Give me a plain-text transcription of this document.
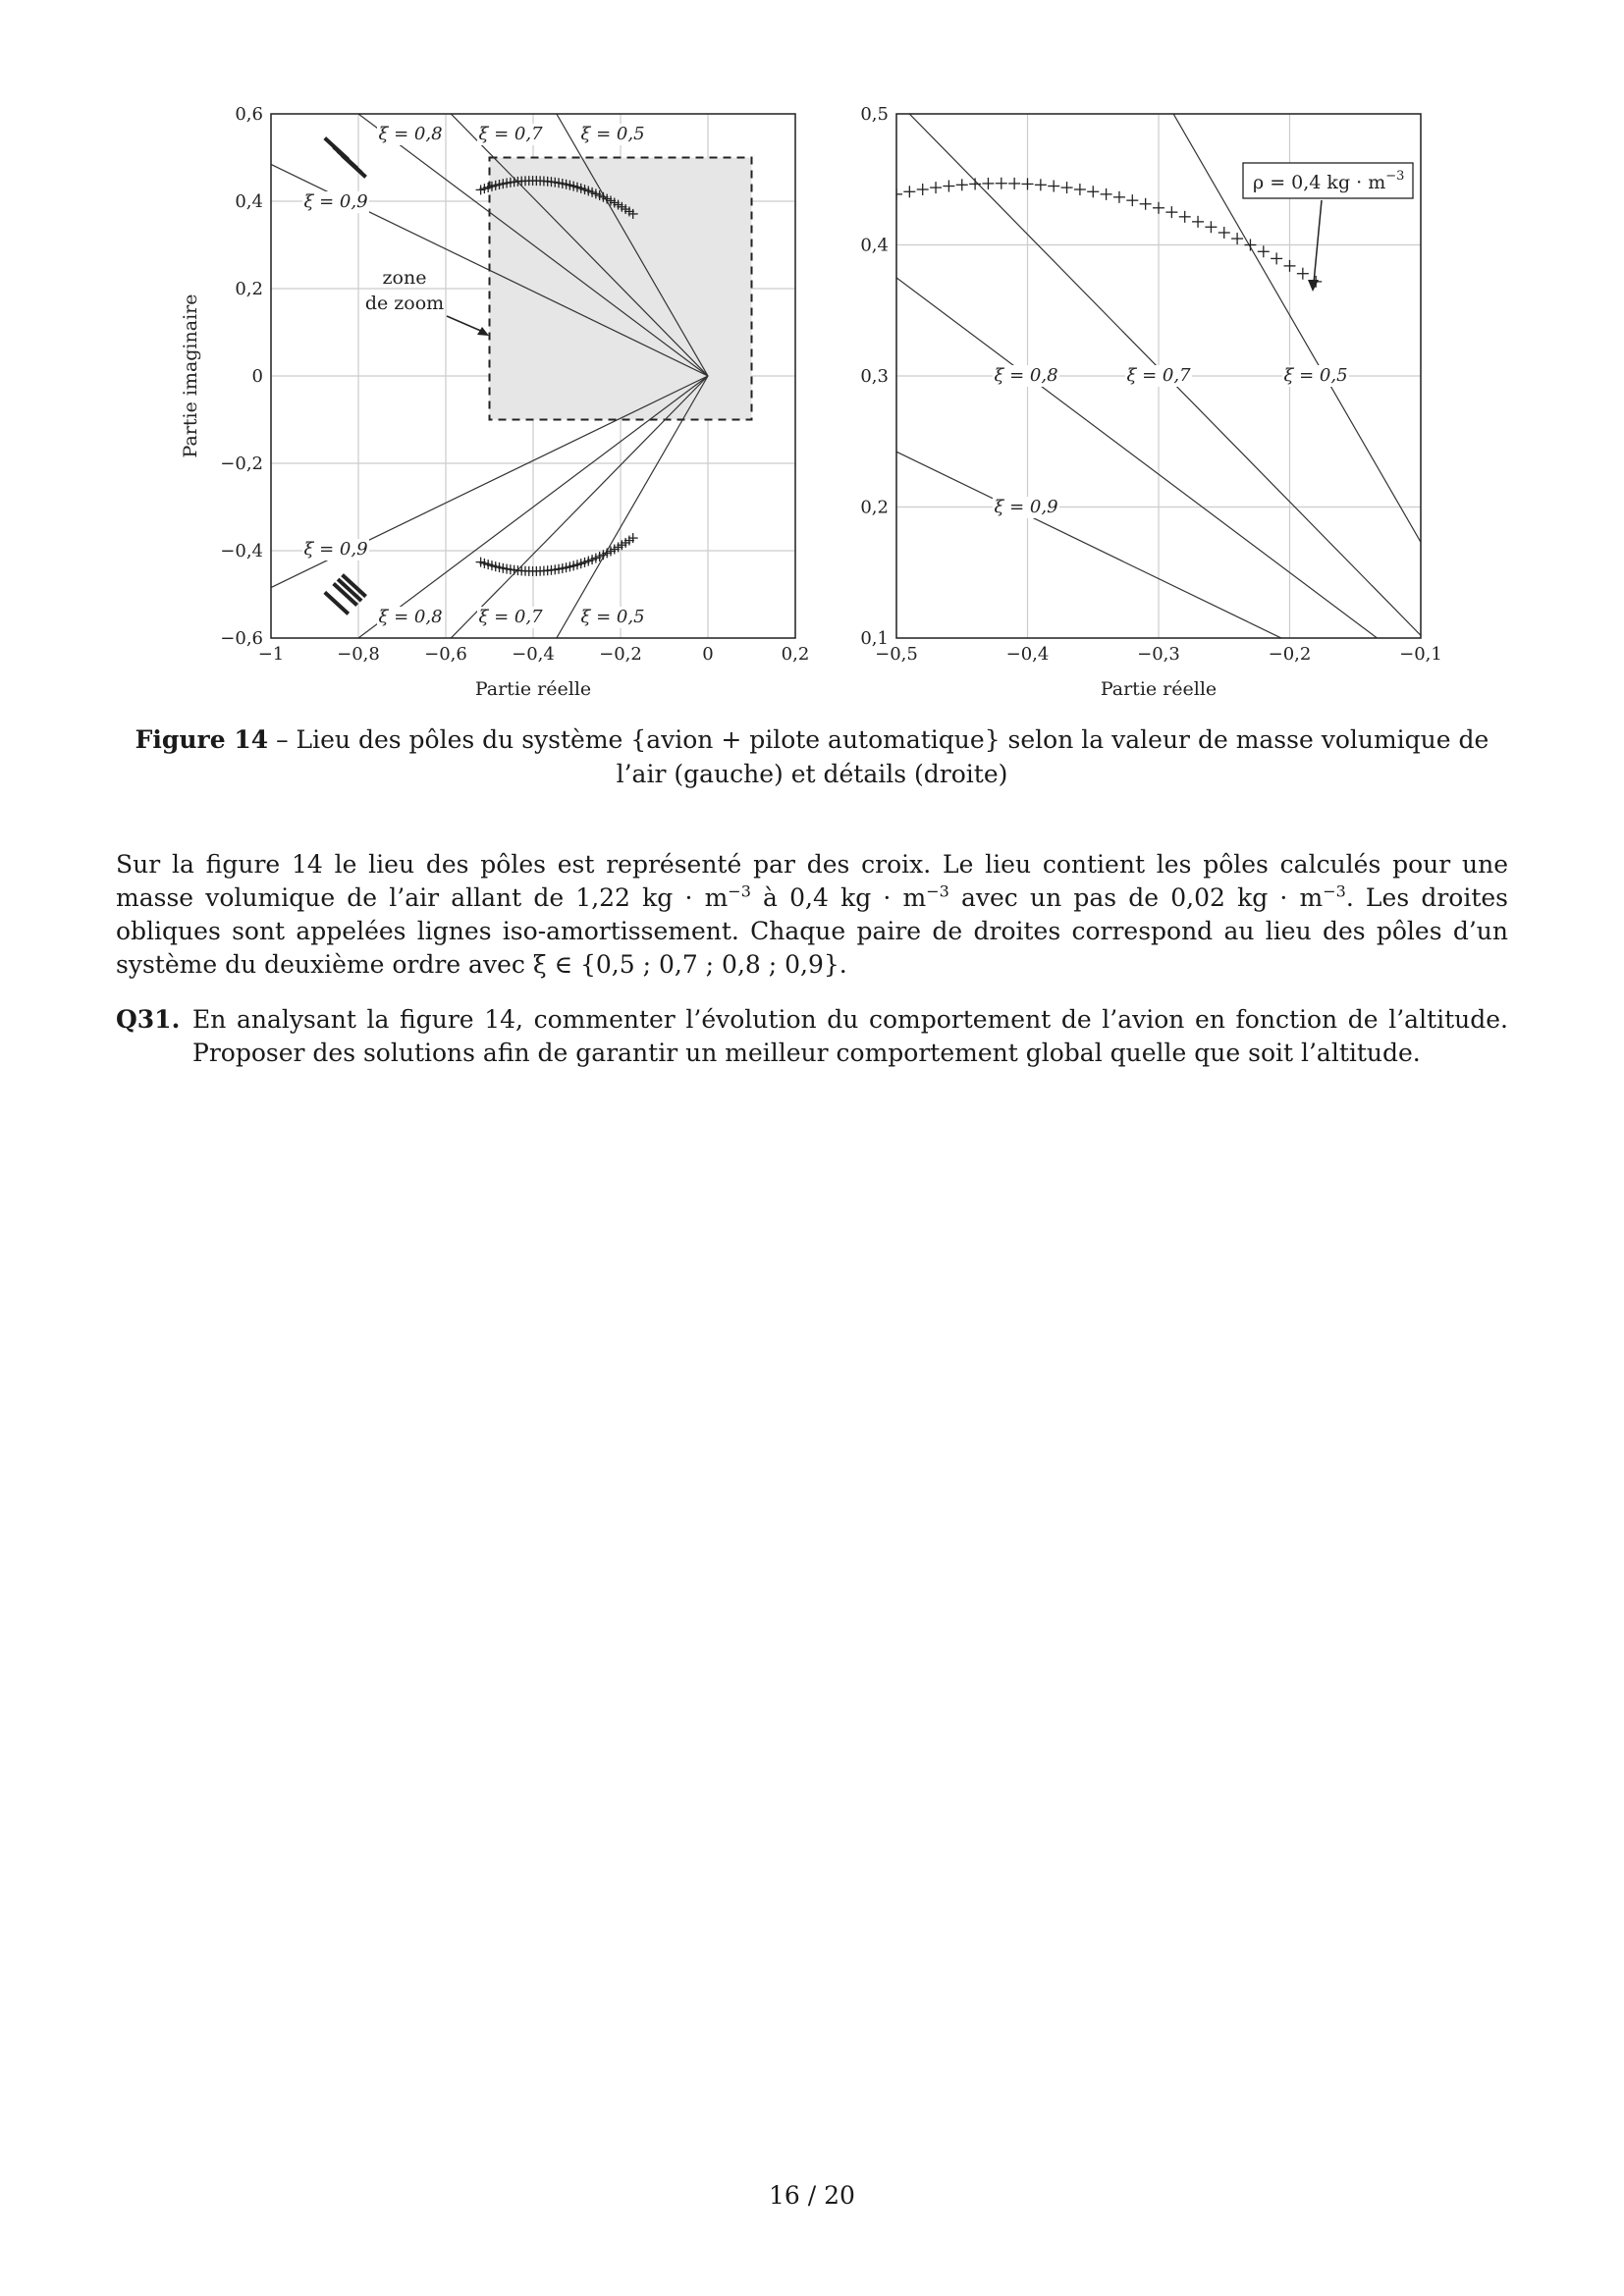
−1	−0,8	−0,6	−0,4	−0,2	0	0,2
0,6
0,4
0,2
0
−0,2
−0,4
−0,6
ξ = 0,8 ξ = 0,7 ξ = 0,5
ξ = 0,9
ξ = 0,9
ξ = 0,8 ξ = 0,7 ξ = 0,5
zone
de zoom
Partie réelle
Partie imaginaire
−0,5	−0,4	−0,3	−0,2	−0,1
0,5
0,4
0,3
0,2
0,1
ξ = 0,8	ξ = 0,7	ξ = 0,5
ξ = 0,9
ρ = 0,4 kg · $m^{-3}$
Partie réelle
Figure 14 – Lieu des pôles du système {avion + pilote automatique} selon la valeur de masse volumique de l’air (gauche) et détails (droite)
Sur la figure 14 le lieu des pôles est représenté par des croix. Le lieu contient les pôles calculés pour une masse volumique de l’air allant de 1,22 kg · $m^{-3}$ à 0,4 kg · $m^{-3}$ avec un pas de 0,02 kg · $m^{-3}$. Les droites obliques sont appelées lignes iso-amortissement. Chaque paire de droites correspond au lieu des pôles d’un système du deuxième ordre avec ξ ∈ {0,5 ; 0,7 ; 0,8 ; 0,9}.
Q31. En analysant la figure 14, commenter l’évolution du comportement de l’avion en fonction de l’altitude. Proposer des solutions afin de garantir un meilleur comportement global quelle que soit l’altitude.
16 / 20
